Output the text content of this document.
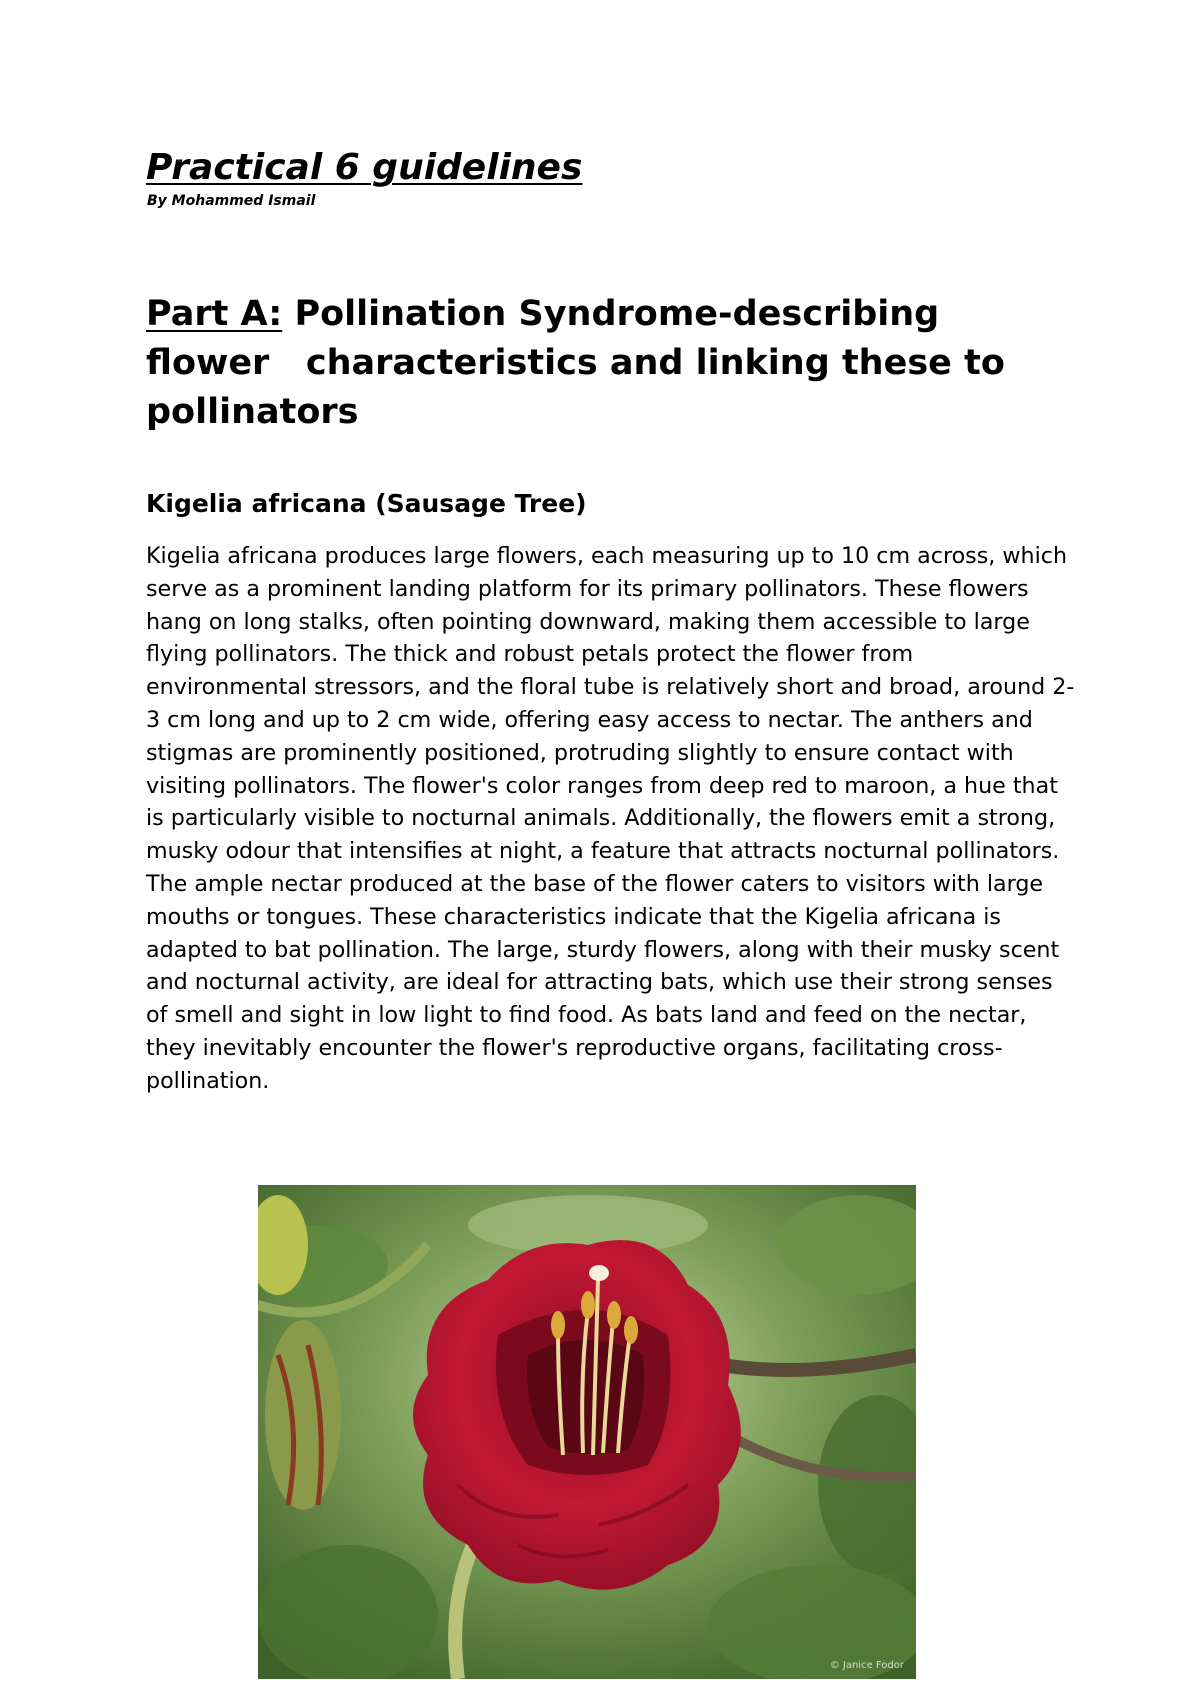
Practical 6 guidelines
By Mohammed Ismail
Part A: Pollination Syndrome-describing flower   characteristics and linking these to pollinators
Kigelia africana (Sausage Tree)

Kigelia africana produces large flowers, each measuring up to 10 cm across, which serve as a prominent landing platform for its primary pollinators. These flowers hang on long stalks, often pointing downward, making them accessible to large flying pollinators. The thick and robust petals protect the flower from environmental stressors, and the floral tube is relatively short and broad, around 2-3 cm long and up to 2 cm wide, offering easy access to nectar. The anthers and stigmas are prominently positioned, protruding slightly to ensure contact with visiting pollinators. The flower's color ranges from deep red to maroon, a hue that is particularly visible to nocturnal animals. Additionally, the flowers emit a strong, musky odour that intensifies at night, a feature that attracts nocturnal pollinators. The ample nectar produced at the base of the flower caters to visitors with large mouths or tongues. These characteristics indicate that the Kigelia africana is adapted to bat pollination. The large, sturdy flowers, along with their musky scent and nocturnal activity, are ideal for attracting bats, which use their strong senses of smell and sight in low light to find food. As bats land and feed on the nectar, they inevitably encounter the flower's reproductive organs, facilitating cross-pollination.

© Janice Fodor
